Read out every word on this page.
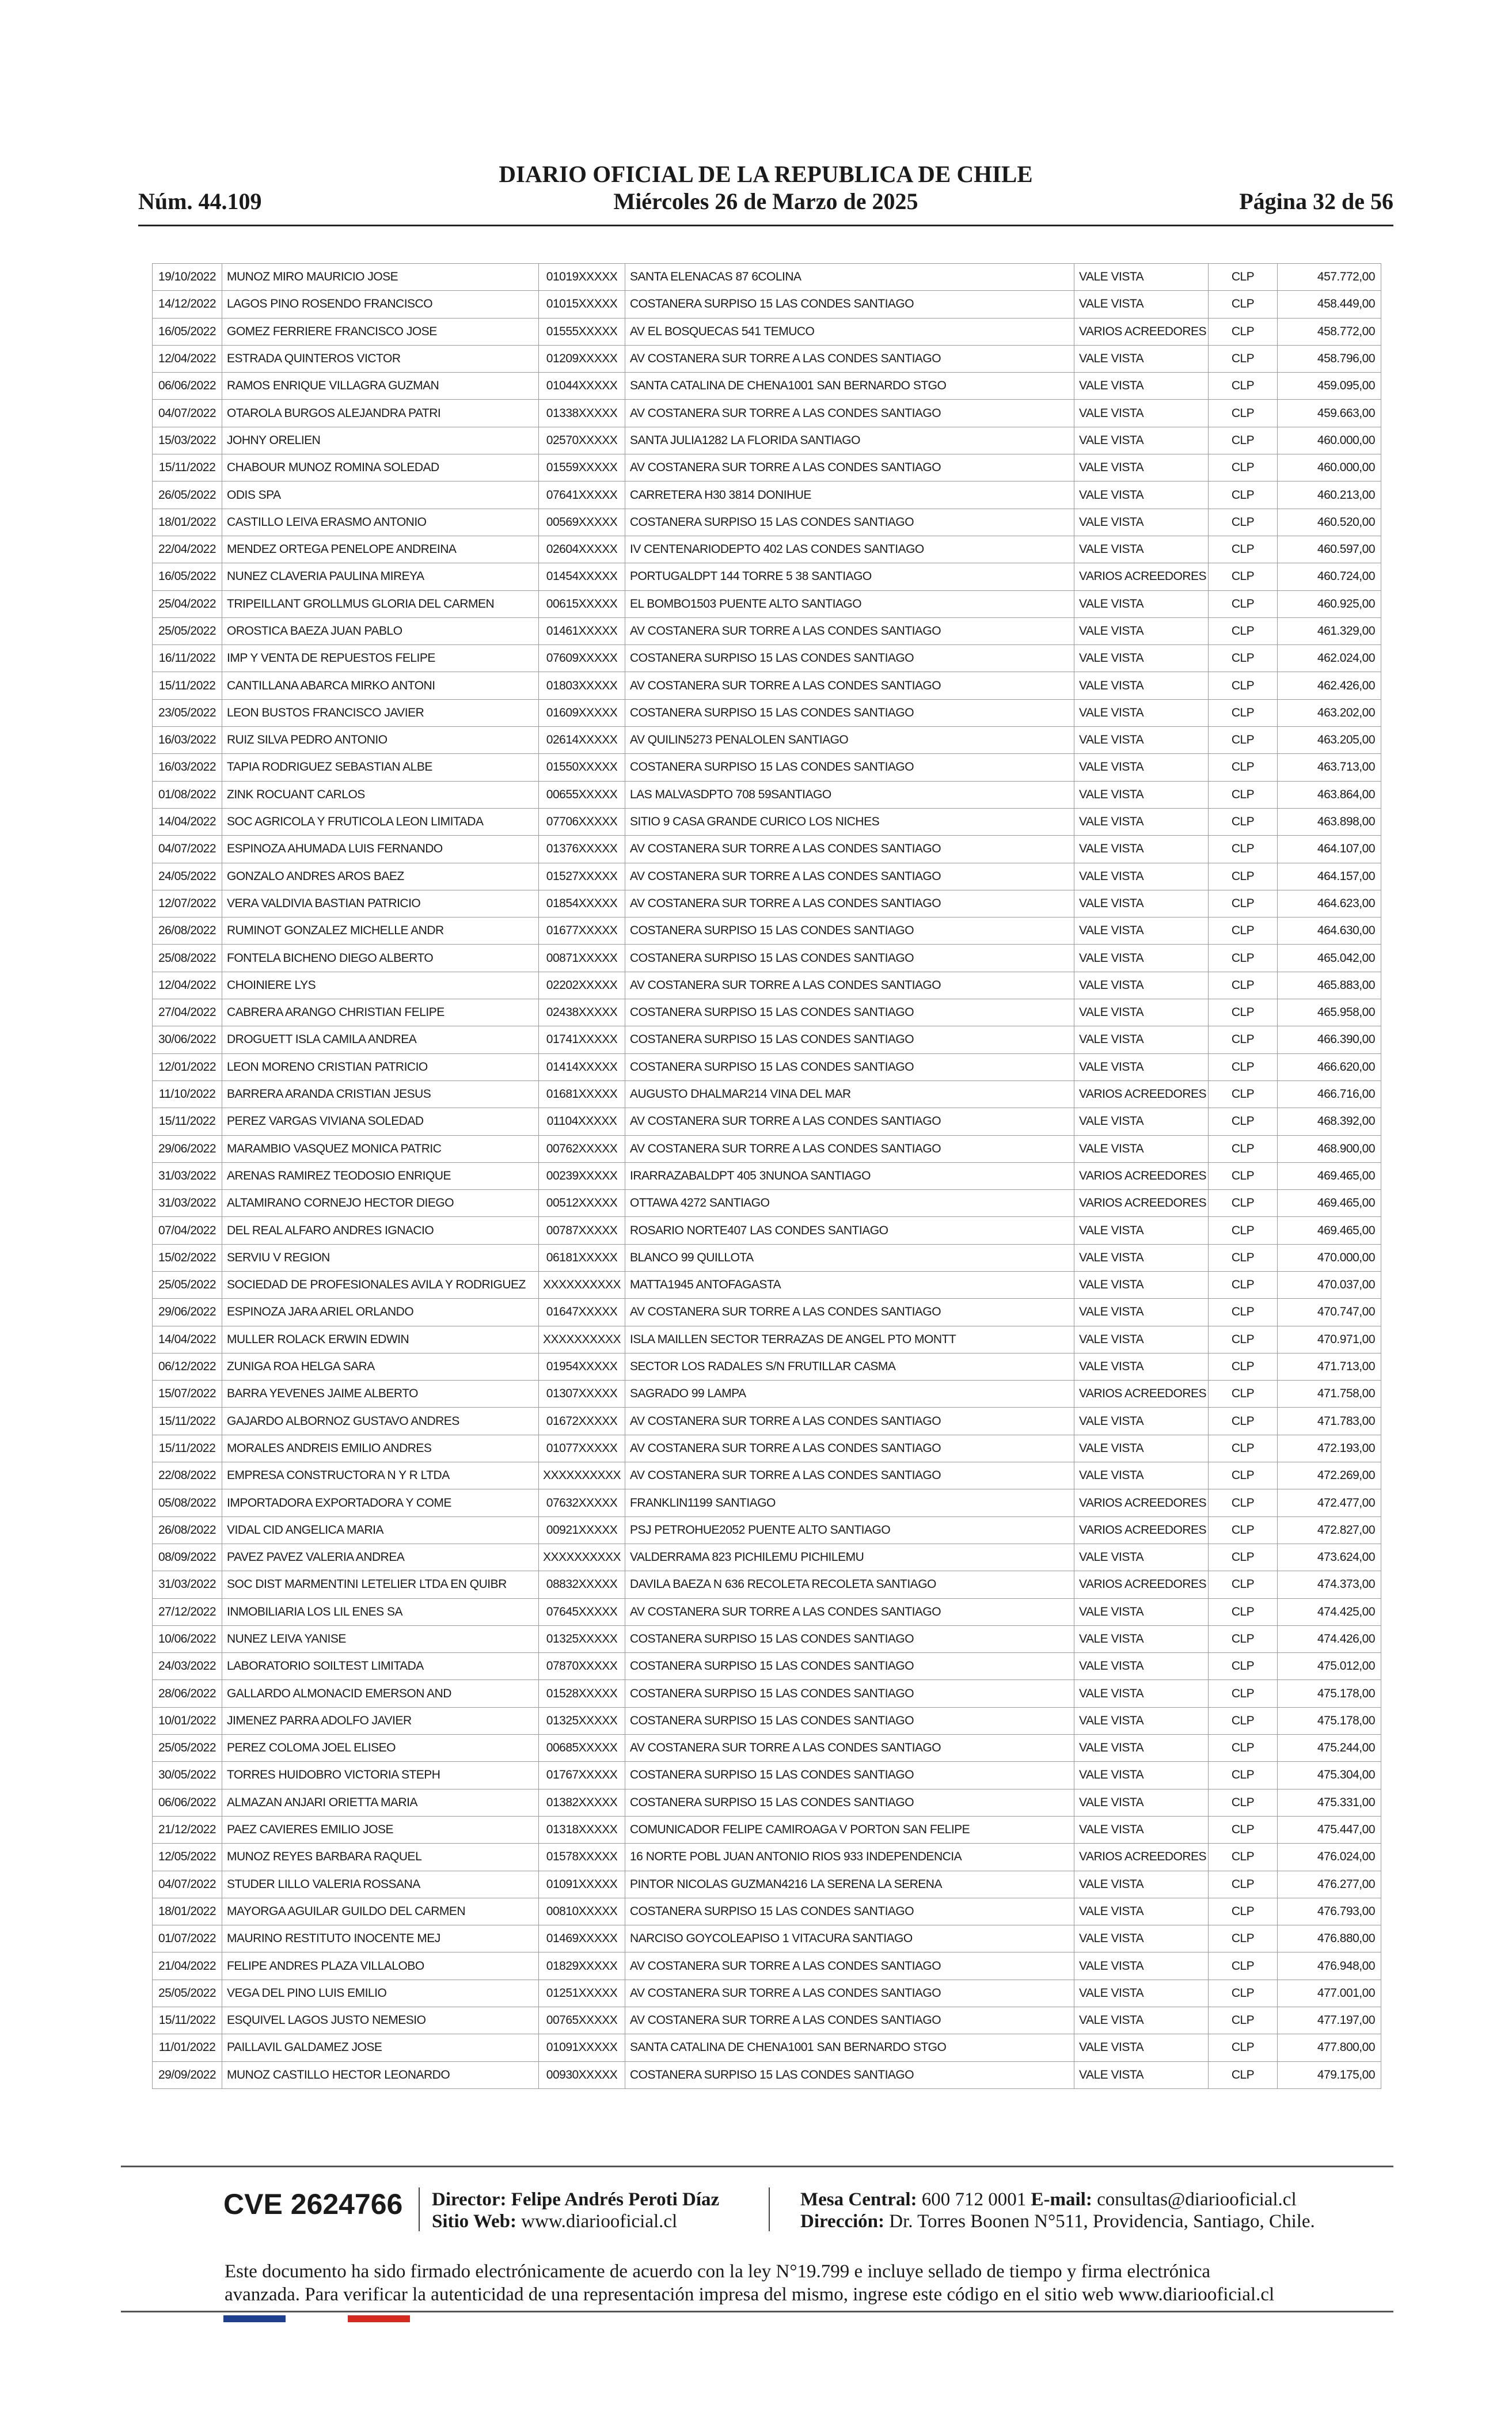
Núm. 44.109
DIARIO OFICIAL DE LA REPUBLICA DE CHILE
Miércoles 26 de Marzo de 2025	Página 32 de 56
19/10/2022	MUNOZ MIRO MAURICIO JOSE	01019XXXXX	SANTA ELENACAS 87 6COLINA	VALE VISTA	CLP	457.772,00
14/12/2022	LAGOS PINO ROSENDO FRANCISCO	01015XXXXX	COSTANERA SURPISO 15 LAS CONDES SANTIAGO	VALE VISTA	CLP	458.449,00
16/05/2022	GOMEZ FERRIERE FRANCISCO JOSE	01555XXXXX	AV EL BOSQUECAS 541 TEMUCO	VARIOS ACREEDORES	CLP	458.772,00
12/04/2022	ESTRADA QUINTEROS VICTOR	01209XXXXX	AV COSTANERA SUR TORRE A LAS CONDES SANTIAGO	VALE VISTA	CLP	458.796,00
06/06/2022	RAMOS ENRIQUE VILLAGRA GUZMAN	01044XXXXX	SANTA CATALINA DE CHENA1001 SAN BERNARDO STGO	VALE VISTA	CLP	459.095,00
04/07/2022	OTAROLA BURGOS ALEJANDRA PATRI	01338XXXXX	AV COSTANERA SUR TORRE A LAS CONDES SANTIAGO	VALE VISTA	CLP	459.663,00
15/03/2022	JOHNY ORELIEN	02570XXXXX	SANTA JULIA1282 LA FLORIDA SANTIAGO	VALE VISTA	CLP	460.000,00
15/11/2022	CHABOUR MUNOZ ROMINA SOLEDAD	01559XXXXX	AV COSTANERA SUR TORRE A LAS CONDES SANTIAGO	VALE VISTA	CLP	460.000,00
26/05/2022	ODIS SPA	07641XXXXX	CARRETERA H30 3814 DONIHUE	VALE VISTA	CLP	460.213,00
18/01/2022	CASTILLO LEIVA ERASMO ANTONIO	00569XXXXX	COSTANERA SURPISO 15 LAS CONDES SANTIAGO	VALE VISTA	CLP	460.520,00
22/04/2022	MENDEZ ORTEGA PENELOPE ANDREINA	02604XXXXX	IV CENTENARIODEPTO 402 LAS CONDES SANTIAGO	VALE VISTA	CLP	460.597,00
16/05/2022	NUNEZ CLAVERIA PAULINA MIREYA	01454XXXXX	PORTUGALDPT 144 TORRE 5 38 SANTIAGO	VARIOS ACREEDORES	CLP	460.724,00
25/04/2022	TRIPEILLANT GROLLMUS GLORIA DEL CARMEN	00615XXXXX	EL BOMBO1503 PUENTE ALTO SANTIAGO	VALE VISTA	CLP	460.925,00
25/05/2022	OROSTICA BAEZA JUAN PABLO	01461XXXXX	AV COSTANERA SUR TORRE A LAS CONDES SANTIAGO	VALE VISTA	CLP	461.329,00
16/11/2022	IMP Y VENTA DE REPUESTOS FELIPE	07609XXXXX	COSTANERA SURPISO 15 LAS CONDES SANTIAGO	VALE VISTA	CLP	462.024,00
15/11/2022	CANTILLANA ABARCA MIRKO ANTONI	01803XXXXX	AV COSTANERA SUR TORRE A LAS CONDES SANTIAGO	VALE VISTA	CLP	462.426,00
23/05/2022	LEON BUSTOS FRANCISCO JAVIER	01609XXXXX	COSTANERA SURPISO 15 LAS CONDES SANTIAGO	VALE VISTA	CLP	463.202,00
16/03/2022	RUIZ SILVA PEDRO ANTONIO	02614XXXXX	AV QUILIN5273 PENALOLEN SANTIAGO	VALE VISTA	CLP	463.205,00
16/03/2022	TAPIA RODRIGUEZ SEBASTIAN ALBE	01550XXXXX	COSTANERA SURPISO 15 LAS CONDES SANTIAGO	VALE VISTA	CLP	463.713,00
01/08/2022	ZINK ROCUANT CARLOS	00655XXXXX	LAS MALVASDPTO 708 59SANTIAGO	VALE VISTA	CLP	463.864,00
14/04/2022	SOC AGRICOLA Y FRUTICOLA LEON LIMITADA	07706XXXXX	SITIO 9 CASA GRANDE CURICO LOS NICHES	VALE VISTA	CLP	463.898,00
04/07/2022	ESPINOZA AHUMADA LUIS FERNANDO	01376XXXXX	AV COSTANERA SUR TORRE A LAS CONDES SANTIAGO	VALE VISTA	CLP	464.107,00
24/05/2022	GONZALO ANDRES AROS BAEZ	01527XXXXX	AV COSTANERA SUR TORRE A LAS CONDES SANTIAGO	VALE VISTA	CLP	464.157,00
12/07/2022	VERA VALDIVIA BASTIAN PATRICIO	01854XXXXX	AV COSTANERA SUR TORRE A LAS CONDES SANTIAGO	VALE VISTA	CLP	464.623,00
26/08/2022	RUMINOT GONZALEZ MICHELLE ANDR	01677XXXXX	COSTANERA SURPISO 15 LAS CONDES SANTIAGO	VALE VISTA	CLP	464.630,00
25/08/2022	FONTELA BICHENO DIEGO ALBERTO	00871XXXXX	COSTANERA SURPISO 15 LAS CONDES SANTIAGO	VALE VISTA	CLP	465.042,00
12/04/2022	CHOINIERE LYS	02202XXXXX	AV COSTANERA SUR TORRE A LAS CONDES SANTIAGO	VALE VISTA	CLP	465.883,00
27/04/2022	CABRERA ARANGO CHRISTIAN FELIPE	02438XXXXX	COSTANERA SURPISO 15 LAS CONDES SANTIAGO	VALE VISTA	CLP	465.958,00
30/06/2022	DROGUETT ISLA CAMILA ANDREA	01741XXXXX	COSTANERA SURPISO 15 LAS CONDES SANTIAGO	VALE VISTA	CLP	466.390,00
12/01/2022	LEON MORENO CRISTIAN PATRICIO	01414XXXXX	COSTANERA SURPISO 15 LAS CONDES SANTIAGO	VALE VISTA	CLP	466.620,00
11/10/2022	BARRERA ARANDA CRISTIAN JESUS	01681XXXXX	AUGUSTO DHALMAR214 VINA DEL MAR	VARIOS ACREEDORES	CLP	466.716,00
15/11/2022	PEREZ VARGAS VIVIANA SOLEDAD	01104XXXXX	AV COSTANERA SUR TORRE A LAS CONDES SANTIAGO	VALE VISTA	CLP	468.392,00
29/06/2022	MARAMBIO VASQUEZ MONICA PATRIC	00762XXXXX	AV COSTANERA SUR TORRE A LAS CONDES SANTIAGO	VALE VISTA	CLP	468.900,00
31/03/2022	ARENAS RAMIREZ TEODOSIO ENRIQUE	00239XXXXX	IRARRAZABALDPT 405 3NUNOA SANTIAGO	VARIOS ACREEDORES	CLP	469.465,00
31/03/2022	ALTAMIRANO CORNEJO HECTOR DIEGO	00512XXXXX	OTTAWA 4272 SANTIAGO	VARIOS ACREEDORES	CLP	469.465,00
07/04/2022	DEL REAL ALFARO ANDRES IGNACIO	00787XXXXX	ROSARIO NORTE407 LAS CONDES SANTIAGO	VALE VISTA	CLP	469.465,00
15/02/2022	SERVIU V REGION	06181XXXXX	BLANCO 99 QUILLOTA	VALE VISTA	CLP	470.000,00
25/05/2022	SOCIEDAD DE PROFESIONALES AVILA Y RODRIGUEZ	XXXXXXXXXX	MATTA1945 ANTOFAGASTA	VALE VISTA	CLP	470.037,00
29/06/2022	ESPINOZA JARA ARIEL ORLANDO	01647XXXXX	AV COSTANERA SUR TORRE A LAS CONDES SANTIAGO	VALE VISTA	CLP	470.747,00
14/04/2022	MULLER ROLACK ERWIN EDWIN	XXXXXXXXXX	ISLA MAILLEN SECTOR TERRAZAS DE ANGEL PTO MONTT	VALE VISTA	CLP	470.971,00
06/12/2022	ZUNIGA ROA HELGA SARA	01954XXXXX	SECTOR LOS RADALES S/N FRUTILLAR CASMA	VALE VISTA	CLP	471.713,00
15/07/2022	BARRA YEVENES JAIME ALBERTO	01307XXXXX	SAGRADO 99 LAMPA	VARIOS ACREEDORES	CLP	471.758,00
15/11/2022	GAJARDO ALBORNOZ GUSTAVO ANDRES	01672XXXXX	AV COSTANERA SUR TORRE A LAS CONDES SANTIAGO	VALE VISTA	CLP	471.783,00
15/11/2022	MORALES ANDREIS EMILIO ANDRES	01077XXXXX	AV COSTANERA SUR TORRE A LAS CONDES SANTIAGO	VALE VISTA	CLP	472.193,00
22/08/2022	EMPRESA CONSTRUCTORA N Y R LTDA	XXXXXXXXXX	AV COSTANERA SUR TORRE A LAS CONDES SANTIAGO	VALE VISTA	CLP	472.269,00
05/08/2022	IMPORTADORA EXPORTADORA Y COME	07632XXXXX	FRANKLIN1199 SANTIAGO	VARIOS ACREEDORES	CLP	472.477,00
26/08/2022	VIDAL CID ANGELICA MARIA	00921XXXXX	PSJ PETROHUE2052 PUENTE ALTO SANTIAGO	VARIOS ACREEDORES	CLP	472.827,00
08/09/2022	PAVEZ PAVEZ VALERIA ANDREA	XXXXXXXXXX	VALDERRAMA 823 PICHILEMU PICHILEMU	VALE VISTA	CLP	473.624,00
31/03/2022	SOC DIST MARMENTINI LETELIER LTDA EN QUIBR	08832XXXXX	DAVILA BAEZA N 636 RECOLETA RECOLETA SANTIAGO	VARIOS ACREEDORES	CLP	474.373,00
27/12/2022	INMOBILIARIA LOS LIL ENES SA	07645XXXXX	AV COSTANERA SUR TORRE A LAS CONDES SANTIAGO	VALE VISTA	CLP	474.425,00
10/06/2022	NUNEZ LEIVA YANISE	01325XXXXX	COSTANERA SURPISO 15 LAS CONDES SANTIAGO	VALE VISTA	CLP	474.426,00
24/03/2022	LABORATORIO SOILTEST LIMITADA	07870XXXXX	COSTANERA SURPISO 15 LAS CONDES SANTIAGO	VALE VISTA	CLP	475.012,00
28/06/2022	GALLARDO ALMONACID EMERSON AND	01528XXXXX	COSTANERA SURPISO 15 LAS CONDES SANTIAGO	VALE VISTA	CLP	475.178,00
10/01/2022	JIMENEZ PARRA ADOLFO JAVIER	01325XXXXX	COSTANERA SURPISO 15 LAS CONDES SANTIAGO	VALE VISTA	CLP	475.178,00
25/05/2022	PEREZ COLOMA JOEL ELISEO	00685XXXXX	AV COSTANERA SUR TORRE A LAS CONDES SANTIAGO	VALE VISTA	CLP	475.244,00
30/05/2022	TORRES HUIDOBRO VICTORIA STEPH	01767XXXXX	COSTANERA SURPISO 15 LAS CONDES SANTIAGO	VALE VISTA	CLP	475.304,00
06/06/2022	ALMAZAN ANJARI ORIETTA MARIA	01382XXXXX	COSTANERA SURPISO 15 LAS CONDES SANTIAGO	VALE VISTA	CLP	475.331,00
21/12/2022	PAEZ CAVIERES EMILIO JOSE	01318XXXXX	COMUNICADOR FELIPE CAMIROAGA V PORTON SAN FELIPE	VALE VISTA	CLP	475.447,00
12/05/2022	MUNOZ REYES BARBARA RAQUEL	01578XXXXX	16 NORTE POBL JUAN ANTONIO RIOS 933 INDEPENDENCIA	VARIOS ACREEDORES	CLP	476.024,00
04/07/2022	STUDER LILLO VALERIA ROSSANA	01091XXXXX	PINTOR NICOLAS GUZMAN4216 LA SERENA LA SERENA	VALE VISTA	CLP	476.277,00
18/01/2022	MAYORGA AGUILAR GUILDO DEL CARMEN	00810XXXXX	COSTANERA SURPISO 15 LAS CONDES SANTIAGO	VALE VISTA	CLP	476.793,00
01/07/2022	MAURINO RESTITUTO INOCENTE MEJ	01469XXXXX	NARCISO GOYCOLEAPISO 1 VITACURA SANTIAGO	VALE VISTA	CLP	476.880,00
21/04/2022	FELIPE ANDRES PLAZA VILLALOBO	01829XXXXX	AV COSTANERA SUR TORRE A LAS CONDES SANTIAGO	VALE VISTA	CLP	476.948,00
25/05/2022	VEGA DEL PINO LUIS EMILIO	01251XXXXX	AV COSTANERA SUR TORRE A LAS CONDES SANTIAGO	VALE VISTA	CLP	477.001,00
15/11/2022	ESQUIVEL LAGOS JUSTO NEMESIO	00765XXXXX	AV COSTANERA SUR TORRE A LAS CONDES SANTIAGO	VALE VISTA	CLP	477.197,00
11/01/2022	PAILLAVIL GALDAMEZ JOSE	01091XXXXX	SANTA CATALINA DE CHENA1001 SAN BERNARDO STGO	VALE VISTA	CLP	477.800,00
29/09/2022	MUNOZ CASTILLO HECTOR LEONARDO	00930XXXXX	COSTANERA SURPISO 15 LAS CONDES SANTIAGO	VALE VISTA	CLP	479.175,00
CVE 2624766 Director: Felipe Andrés Peroti Díaz
Sitio Web: www.diariooficial.cl
Mesa Central: 600 712 0001 E-mail: consultas@diariooficial.cl
Dirección: Dr. Torres Boonen N°511, Providencia, Santiago, Chile.
Este documento ha sido firmado electrónicamente de acuerdo con la ley N°19.799 e incluye sellado de tiempo y firma electrónica
avanzada. Para verificar la autenticidad de una representación impresa del mismo, ingrese este código en el sitio web www.diariooficial.cl
